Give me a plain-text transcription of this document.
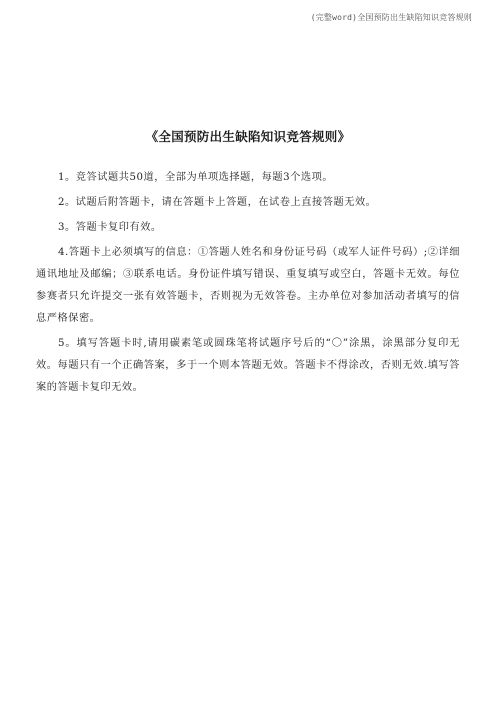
(完整word)全国预防出生缺陷知识竞答规则
《全国预防出生缺陷知识竞答规则》

1。竞答试题共50道，全部为单项选择题，每题3个选项。

2。试题后附答题卡，请在答题卡上答题，在试卷上直接答题无效。

3。答题卡复印有效。

4.答题卡上必须填写的信息：①答题人姓名和身份证号码（或军人证件号码）;②详细通讯地址及邮编；③联系电话。身份证件填写错误、重复填写或空白，答题卡无效。每位参赛者只允许提交一张有效答题卡，否则视为无效答卷。主办单位对参加活动者填写的信息严格保密。

5。填写答题卡时,请用碳素笔或圆珠笔将试题序号后的“〇”涂黑，涂黑部分复印无效。每题只有一个正确答案，多于一个则本答题无效。答题卡不得涂改，否则无效.填写答案的答题卡复印无效。
